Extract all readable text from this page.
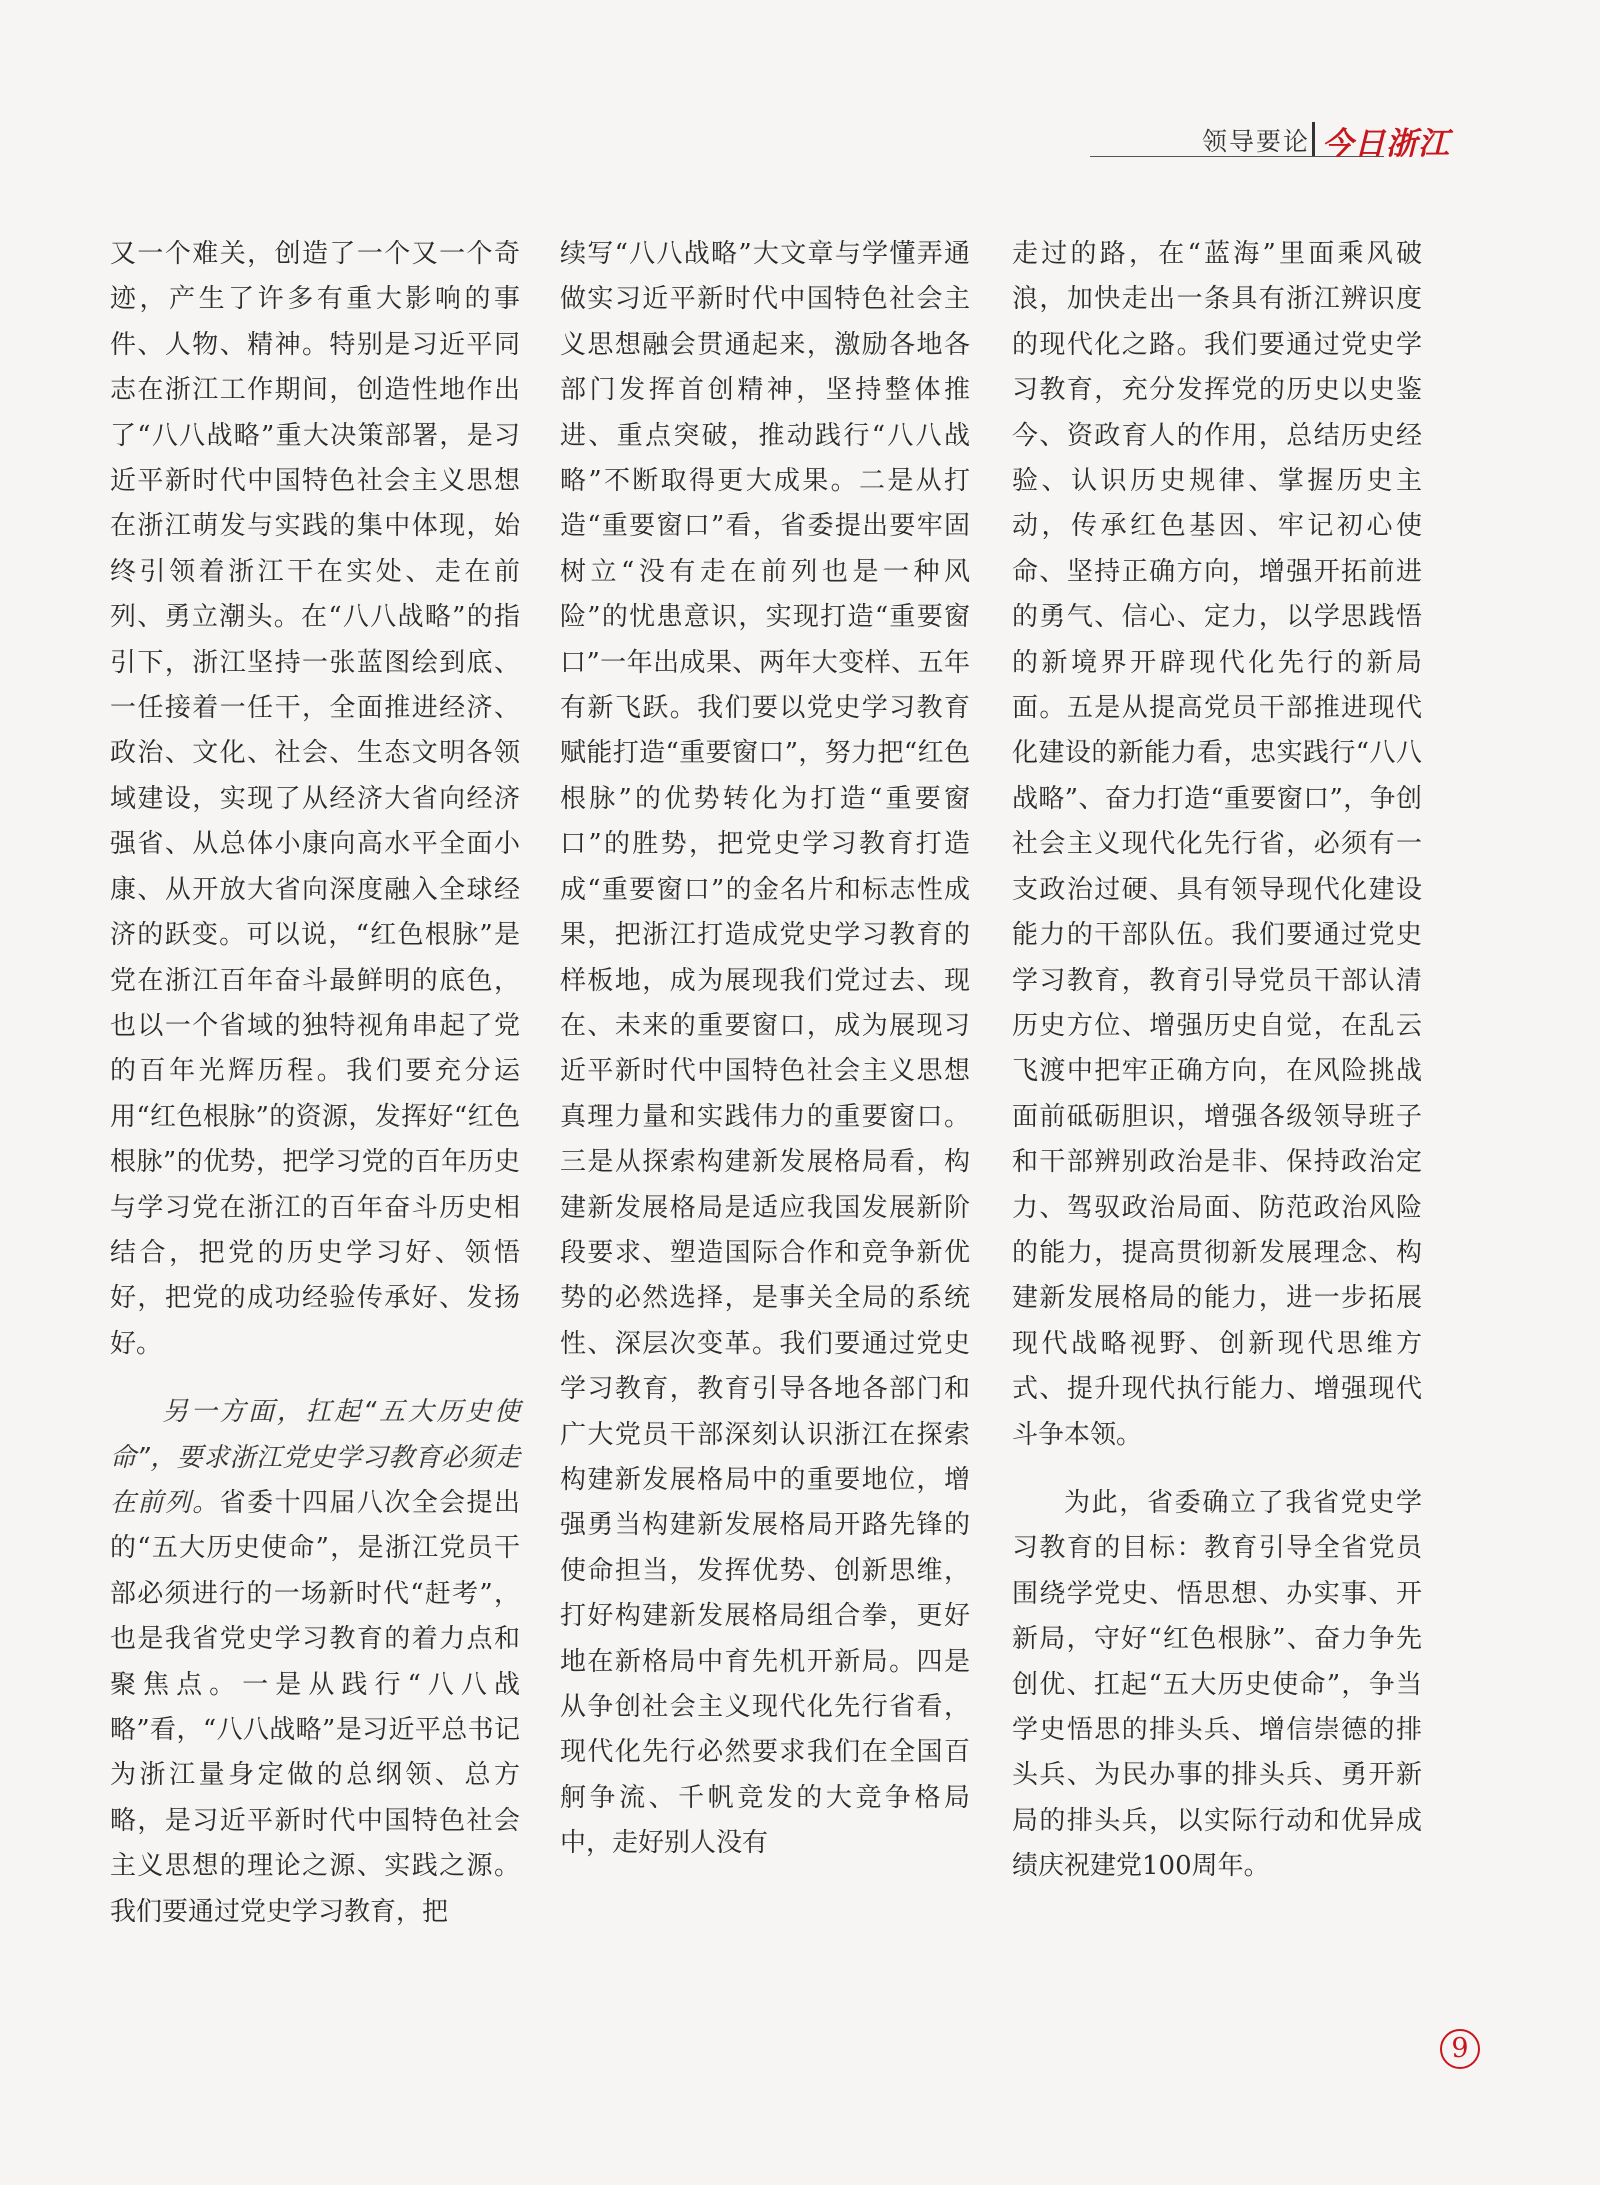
领导要论 今日浙江

又一个难关，创造了一个又一个奇迹，产生了许多有重大影响的事件、人物、精神。特别是习近平同志在浙江工作期间，创造性地作出了“八八战略”重大决策部署，是习近平新时代中国特色社会主义思想在浙江萌发与实践的集中体现，始终引领着浙江干在实处、走在前列、勇立潮头。在“八八战略”的指引下，浙江坚持一张蓝图绘到底、一任接着一任干，全面推进经济、政治、文化、社会、生态文明各领域建设，实现了从经济大省向经济强省、从总体小康向高水平全面小康、从开放大省向深度融入全球经济的跃变。可以说，“红色根脉”是党在浙江百年奋斗最鲜明的底色，也以一个省域的独特视角串起了党的百年光辉历程。我们要充分运用“红色根脉”的资源，发挥好“红色根脉”的优势，把学习党的百年历史与学习党在浙江的百年奋斗历史相结合，把党的历史学习好、领悟好，把党的成功经验传承好、发扬好。

另一方面，扛起“五大历史使命”，要求浙江党史学习教育必须走在前列。省委十四届八次全会提出的“五大历史使命”，是浙江党员干部必须进行的一场新时代“赶考”，也是我省党史学习教育的着力点和聚焦点。一是从践行“八八战略”看，“八八战略”是习近平总书记为浙江量身定做的总纲领、总方略，是习近平新时代中国特色社会主义思想的理论之源、实践之源。我们要通过党史学习教育，把

续写“八八战略”大文章与学懂弄通做实习近平新时代中国特色社会主义思想融会贯通起来，激励各地各部门发挥首创精神，坚持整体推进、重点突破，推动践行“八八战略”不断取得更大成果。二是从打造“重要窗口”看，省委提出要牢固树立“没有走在前列也是一种风险”的忧患意识，实现打造“重要窗口”一年出成果、两年大变样、五年有新飞跃。我们要以党史学习教育赋能打造“重要窗口”，努力把“红色根脉”的优势转化为打造“重要窗口”的胜势，把党史学习教育打造成“重要窗口”的金名片和标志性成果，把浙江打造成党史学习教育的样板地，成为展现我们党过去、现在、未来的重要窗口，成为展现习近平新时代中国特色社会主义思想真理力量和实践伟力的重要窗口。三是从探索构建新发展格局看，构建新发展格局是适应我国发展新阶段要求、塑造国际合作和竞争新优势的必然选择，是事关全局的系统性、深层次变革。我们要通过党史学习教育，教育引导各地各部门和广大党员干部深刻认识浙江在探索构建新发展格局中的重要地位，增强勇当构建新发展格局开路先锋的使命担当，发挥优势、创新思维，打好构建新发展格局组合拳，更好地在新格局中育先机开新局。四是从争创社会主义现代化先行省看，现代化先行必然要求我们在全国百舸争流、千帆竞发的大竞争格局中，走好别人没有

走过的路，在“蓝海”里面乘风破浪，加快走出一条具有浙江辨识度的现代化之路。我们要通过党史学习教育，充分发挥党的历史以史鉴今、资政育人的作用，总结历史经验、认识历史规律、掌握历史主动，传承红色基因、牢记初心使命、坚持正确方向，增强开拓前进的勇气、信心、定力，以学思践悟的新境界开辟现代化先行的新局面。五是从提高党员干部推进现代化建设的新能力看，忠实践行“八八战略”、奋力打造“重要窗口”，争创社会主义现代化先行省，必须有一支政治过硬、具有领导现代化建设能力的干部队伍。我们要通过党史学习教育，教育引导党员干部认清历史方位、增强历史自觉，在乱云飞渡中把牢正确方向，在风险挑战面前砥砺胆识，增强各级领导班子和干部辨别政治是非、保持政治定力、驾驭政治局面、防范政治风险的能力，提高贯彻新发展理念、构建新发展格局的能力，进一步拓展现代战略视野、创新现代思维方式、提升现代执行能力、增强现代斗争本领。

为此，省委确立了我省党史学习教育的目标：教育引导全省党员围绕学党史、悟思想、办实事、开新局，守好“红色根脉”、奋力争先创优、扛起“五大历史使命”，争当学史悟思的排头兵、增信崇德的排头兵、为民办事的排头兵、勇开新局的排头兵，以实际行动和优异成绩庆祝建党100周年。

9
